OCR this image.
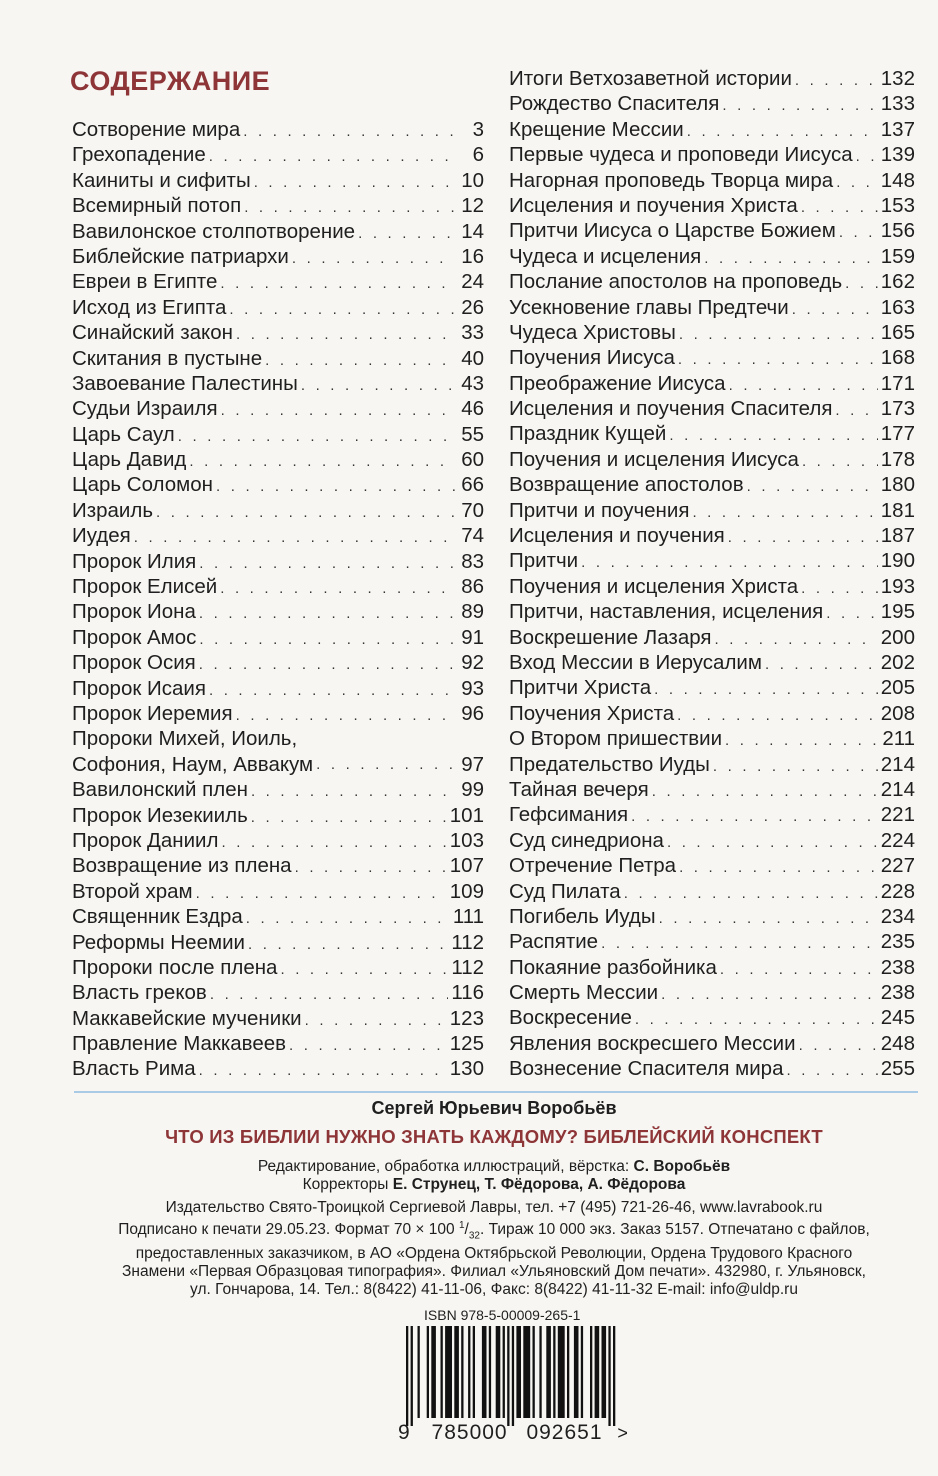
СОДЕРЖАНИЕ
Сотворение мира . . .	3
Грехопадение . . .	6
Каиниты и сифиты . . .	10
Всемирный потоп . . .	12
Вавилонское столпотворение . . .	14
Библейские патриархи . . .	16
Евреи в Египте . . .	24
Исход из Египта . . .	26
Синайский закон . . .	33
Скитания в пустыне . . .	40
Завоевание Палестины . . .	43
Судьи Израиля . . .	46
Царь Саул . . .	55
Царь Давид . . .	60
Царь Соломон . . .	66
Израиль . . .	70
Иудея . . .	74
Пророк Илия . . .	83
Пророк Елисей . . .	86
Пророк Иона . . .	89
Пророк Амос . . .	91
Пророк Осия . . .	92
Пророк Исаия . . .	93
Пророк Иеремия . . .	96
Пророки Михей, Иоиль,
Софония, Наум, Аввакум . . .	97
Вавилонский плен . . .	99
Пророк Иезекииль . . .	101
Пророк Даниил . . .	103
Возвращение из плена . . .	107
Второй храм . . .	109
Священник Ездра . . .	111
Реформы Неемии . . .	112
Пророки после плена . . .	112
Власть греков . . .	116
Маккавейские мученики . . .	123
Правление Маккавеев . . .	125
Власть Рима . . .	130
Итоги Ветхозаветной истории . . .	132
Рождество Спасителя . . .	133
Крещение Мессии . . .	137
Первые чудеса и проповеди Иисуса . . . 139
Нагорная проповедь Творца мира . . . 148
Исцеления и поучения Христа . . .	153
Притчи Иисуса о Царстве Божием . . . 156
Чудеса и исцеления . . .	159
Послание апостолов на проповедь . . . 162
Усекновение главы Предтечи . . .	163
Чудеса Христовы . . .	165
Поучения Иисуса . . .	168
Преображение Иисуса . . .	171
Исцеления и поучения Спасителя . . . 173
Праздник Кущей . . .	177
Поучения и исцеления Иисуса . . .	178
Возвращение апостолов . . .	180
Притчи и поучения . . .	181
Исцеления и поучения . . .	187
Притчи . . .	190
Поучения и исцеления Христа . . .	193
Притчи, наставления, исцеления . . .	195
Воскрешение Лазаря . . .	200
Вход Мессии в Иерусалим . . .	202
Притчи Христа . . .	205
Поучения Христа . . .	208
О Втором пришествии . . .	211
Предательство Иуды . . .	214
Тайная вечеря . . .	214
Гефсимания . . .	221
Суд синедриона . . .	224
Отречение Петра . . .	227
Суд Пилата . . .	228
Погибель Иуды . . .	234
Распятие . . .	235
Покаяние разбойника . . .	238
Смерть Мессии . . .	238
Воскресение . . .	245
Явления воскресшего Мессии . . .	248
Вознесение Спасителя мира . . .	255
Сергей Юрьевич Воробьёв
ЧТО ИЗ БИБЛИИ НУЖНО ЗНАТЬ КАЖДОМУ? БИБЛЕЙСКИЙ КОНСПЕКТ
Редактирование, обработка иллюстраций, вёрстка: С. Воробьёв
Корректоры Е. Струнец, Т. Фёдорова, А. Фёдорова
Издательство Свято-Троицкой Сергиевой Лавры, тел. +7 (495) 721-26-46, www.lavrabook.ru
Подписано к печати 29.05.23. Формат 70 × 100 $^1/_{32}$. Тираж 10 000 экз. Заказ 5157. Отпечатано с файлов,
предоставленных заказчиком, в АО «Ордена Октябрьской Революции, Ордена Трудового Красного
Знамени «Первая Образцовая типография». Филиал «Ульяновский Дом печати». 432980, г. Ульяновск,
ул. Гончарова, 14. Тел.: 8(8422) 41-11-06, Факс: 8(8422) 41-11-32 E-mail: info@uldp.ru
ISBN 978-5-00009-265-1
9 785000 092651 >
